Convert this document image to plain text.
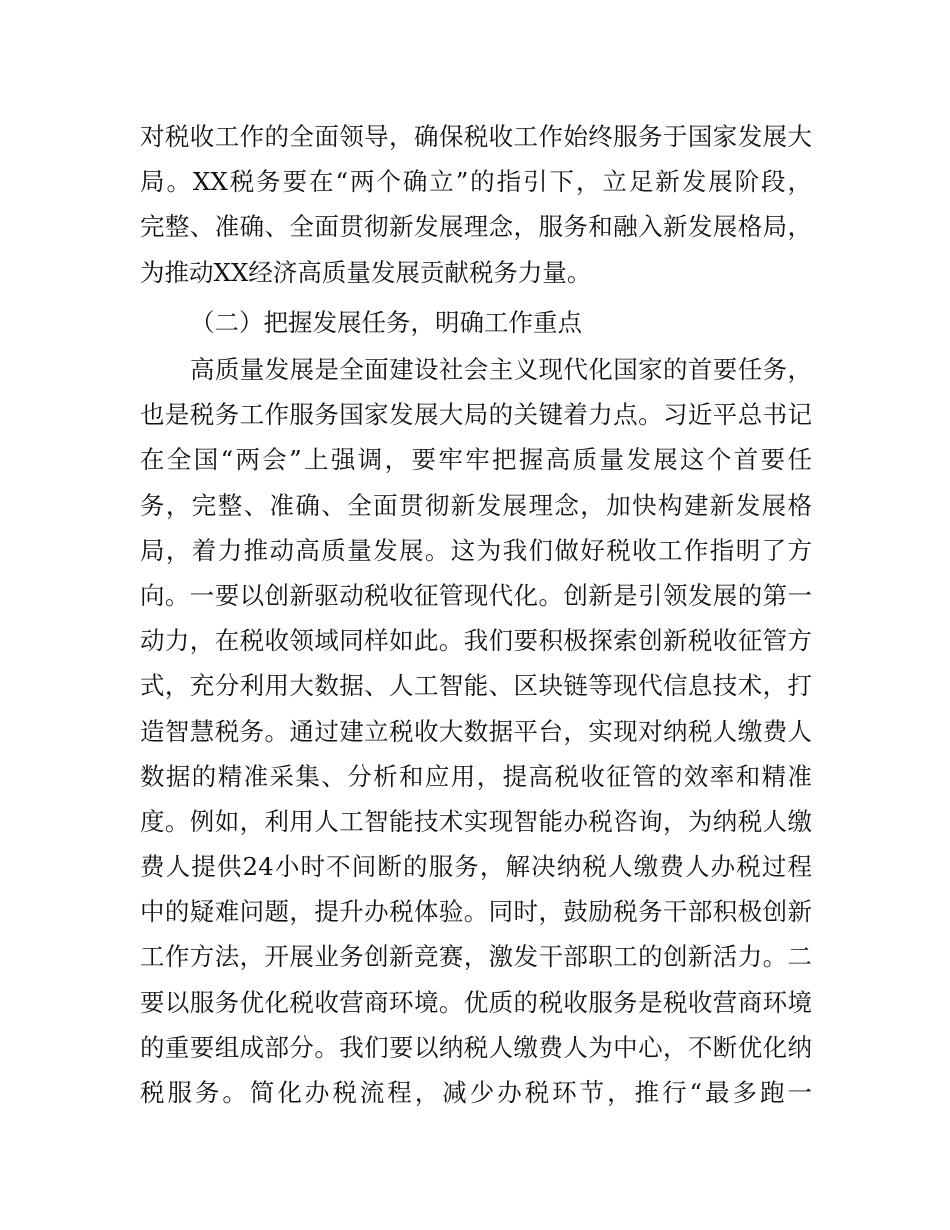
对税收工作的全面领导，确保税收工作始终服务于国家发展大
局。XX税务要在“两个确立”的指引下，立足新发展阶段，
完整、准确、全面贯彻新发展理念，服务和融入新发展格局，
为推动XX经济高质量发展贡献税务力量。
（二）把握发展任务，明确工作重点
高质量发展是全面建设社会主义现代化国家的首要任务，
也是税务工作服务国家发展大局的关键着力点。习近平总书记
在全国“两会”上强调，要牢牢把握高质量发展这个首要任
务，完整、准确、全面贯彻新发展理念，加快构建新发展格
局，着力推动高质量发展。这为我们做好税收工作指明了方
向。一要以创新驱动税收征管现代化。创新是引领发展的第一
动力，在税收领域同样如此。我们要积极探索创新税收征管方
式，充分利用大数据、人工智能、区块链等现代信息技术，打
造智慧税务。通过建立税收大数据平台，实现对纳税人缴费人
数据的精准采集、分析和应用，提高税收征管的效率和精准
度。例如，利用人工智能技术实现智能办税咨询，为纳税人缴
费人提供24小时不间断的服务，解决纳税人缴费人办税过程
中的疑难问题，提升办税体验。同时，鼓励税务干部积极创新
工作方法，开展业务创新竞赛，激发干部职工的创新活力。二
要以服务优化税收营商环境。优质的税收服务是税收营商环境
的重要组成部分。我们要以纳税人缴费人为中心，不断优化纳
税服务。简化办税流程，减少办税环节，推行“最多跑一
